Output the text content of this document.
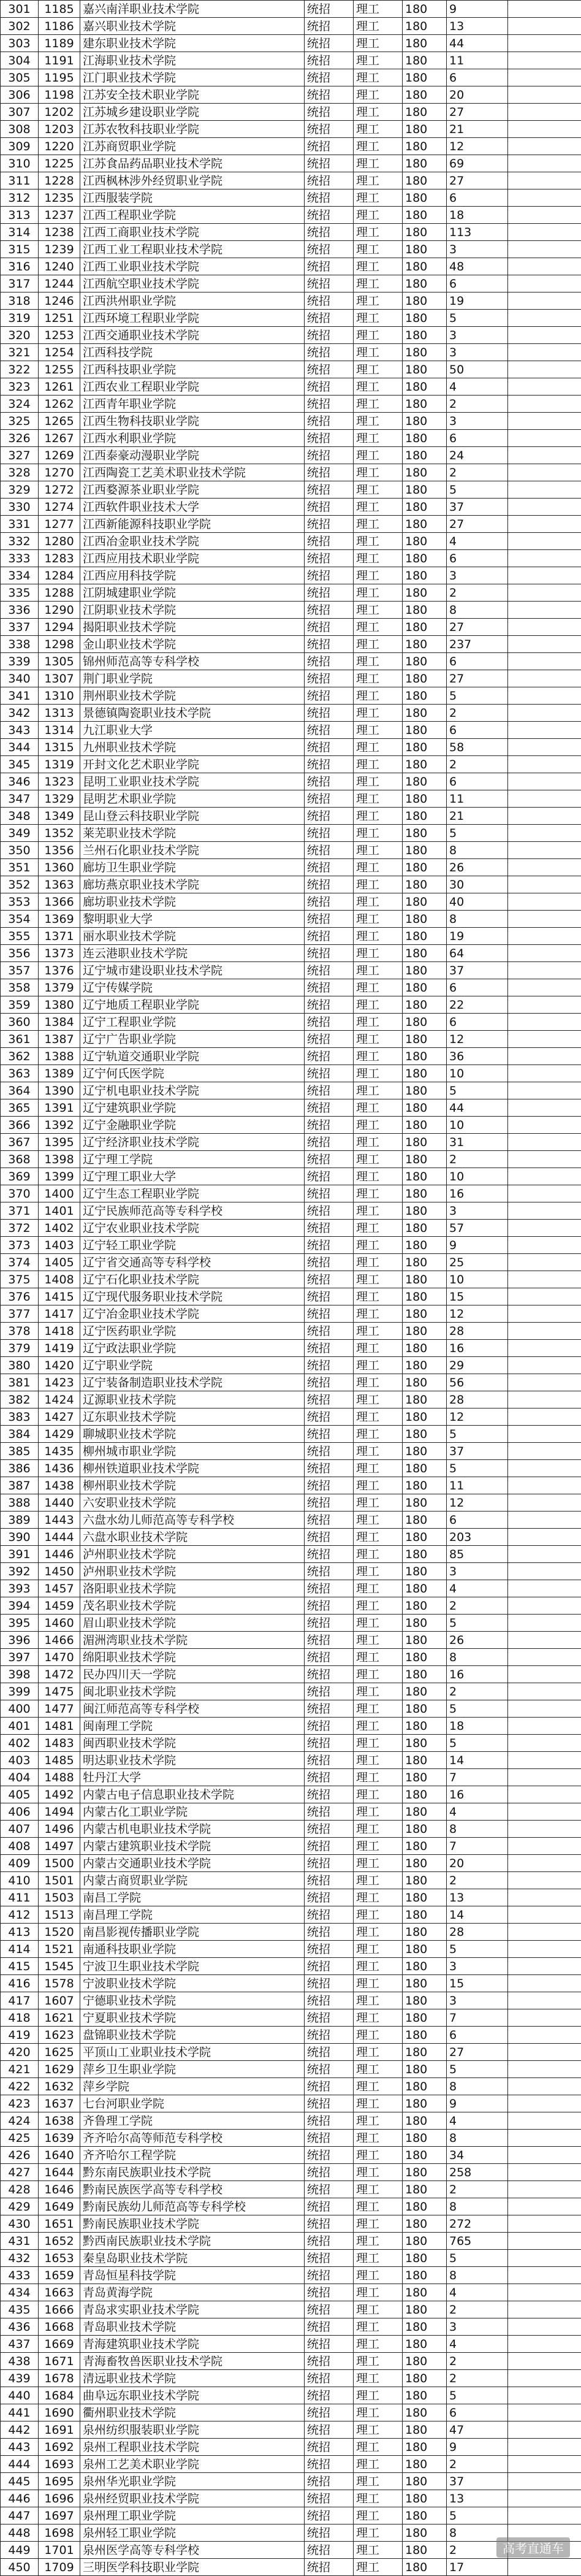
301	1185	嘉兴南洋职业技术学院	统招	理工	180	9	
302	1186	嘉兴职业技术学院	统招	理工	180	13	
303	1189	建东职业技术学院	统招	理工	180	44	
304	1191	江海职业技术学院	统招	理工	180	11	
305	1195	江门职业技术学院	统招	理工	180	6	
306	1198	江苏安全技术职业学院	统招	理工	180	20	
307	1202	江苏城乡建设职业学院	统招	理工	180	27	
308	1203	江苏农牧科技职业学院	统招	理工	180	21	
309	1220	江苏商贸职业学院	统招	理工	180	12	
310	1225	江苏食品药品职业技术学院	统招	理工	180	69	
311	1228	江西枫林涉外经贸职业学院	统招	理工	180	27	
312	1235	江西服装学院	统招	理工	180	6	
313	1237	江西工程职业学院	统招	理工	180	18	
314	1238	江西工商职业技术学院	统招	理工	180	113	
315	1239	江西工业工程职业技术学院	统招	理工	180	3	
316	1240	江西工业职业技术学院	统招	理工	180	48	
317	1244	江西航空职业技术学院	统招	理工	180	6	
318	1246	江西洪州职业学院	统招	理工	180	19	
319	1251	江西环境工程职业学院	统招	理工	180	5	
320	1253	江西交通职业技术学院	统招	理工	180	3	
321	1254	江西科技学院	统招	理工	180	3	
322	1255	江西科技职业学院	统招	理工	180	50	
323	1261	江西农业工程职业学院	统招	理工	180	4	
324	1262	江西青年职业学院	统招	理工	180	2	
325	1265	江西生物科技职业学院	统招	理工	180	3	
326	1267	江西水利职业学院	统招	理工	180	6	
327	1269	江西泰豪动漫职业学院	统招	理工	180	24	
328	1270	江西陶瓷工艺美术职业技术学院	统招	理工	180	2	
329	1272	江西婺源茶业职业学院	统招	理工	180	5	
330	1274	江西软件职业技术大学	统招	理工	180	37	
331	1277	江西新能源科技职业学院	统招	理工	180	27	
332	1280	江西冶金职业技术学院	统招	理工	180	4	
333	1283	江西应用技术职业学院	统招	理工	180	6	
334	1284	江西应用科技学院	统招	理工	180	3	
335	1288	江阴城建职业学院	统招	理工	180	2	
336	1290	江阴职业技术学院	统招	理工	180	8	
337	1294	揭阳职业技术学院	统招	理工	180	27	
338	1298	金山职业技术学院	统招	理工	180	237	
339	1305	锦州师范高等专科学校	统招	理工	180	6	
340	1307	荆门职业学院	统招	理工	180	27	
341	1310	荆州职业技术学院	统招	理工	180	5	
342	1313	景德镇陶瓷职业技术学院	统招	理工	180	2	
343	1314	九江职业大学	统招	理工	180	6	
344	1315	九州职业技术学院	统招	理工	180	58	
345	1319	开封文化艺术职业学院	统招	理工	180	2	
346	1323	昆明工业职业技术学院	统招	理工	180	6	
347	1329	昆明艺术职业学院	统招	理工	180	11	
348	1349	昆山登云科技职业学院	统招	理工	180	21	
349	1352	莱芜职业技术学院	统招	理工	180	5	
350	1356	兰州石化职业技术学院	统招	理工	180	8	
351	1360	廊坊卫生职业学院	统招	理工	180	26	
352	1363	廊坊燕京职业技术学院	统招	理工	180	30	
353	1366	廊坊职业技术学院	统招	理工	180	40	
354	1369	黎明职业大学	统招	理工	180	8	
355	1371	丽水职业技术学院	统招	理工	180	19	
356	1373	连云港职业技术学院	统招	理工	180	64	
357	1376	辽宁城市建设职业技术学院	统招	理工	180	37	
358	1379	辽宁传媒学院	统招	理工	180	6	
359	1380	辽宁地质工程职业学院	统招	理工	180	22	
360	1384	辽宁工程职业学院	统招	理工	180	6	
361	1387	辽宁广告职业学院	统招	理工	180	12	
362	1388	辽宁轨道交通职业学院	统招	理工	180	36	
363	1389	辽宁何氏医学院	统招	理工	180	10	
364	1390	辽宁机电职业技术学院	统招	理工	180	5	
365	1391	辽宁建筑职业学院	统招	理工	180	44	
366	1392	辽宁金融职业学院	统招	理工	180	10	
367	1395	辽宁经济职业技术学院	统招	理工	180	31	
368	1398	辽宁理工学院	统招	理工	180	2	
369	1399	辽宁理工职业大学	统招	理工	180	10	
370	1400	辽宁生态工程职业学院	统招	理工	180	16	
371	1401	辽宁民族师范高等专科学校	统招	理工	180	3	
372	1402	辽宁农业职业技术学院	统招	理工	180	57	
373	1403	辽宁轻工职业学院	统招	理工	180	9	
374	1405	辽宁省交通高等专科学校	统招	理工	180	25	
375	1408	辽宁石化职业技术学院	统招	理工	180	10	
376	1415	辽宁现代服务职业技术学院	统招	理工	180	15	
377	1417	辽宁冶金职业技术学院	统招	理工	180	12	
378	1418	辽宁医药职业学院	统招	理工	180	28	
379	1419	辽宁政法职业学院	统招	理工	180	16	
380	1420	辽宁职业学院	统招	理工	180	29	
381	1423	辽宁装备制造职业技术学院	统招	理工	180	56	
382	1424	辽源职业技术学院	统招	理工	180	28	
383	1427	辽东职业技术学院	统招	理工	180	12	
384	1429	聊城职业技术学院	统招	理工	180	5	
385	1435	柳州城市职业学院	统招	理工	180	37	
386	1436	柳州铁道职业技术学院	统招	理工	180	5	
387	1438	柳州职业技术学院	统招	理工	180	11	
388	1440	六安职业技术学院	统招	理工	180	12	
389	1443	六盘水幼儿师范高等专科学校	统招	理工	180	6	
390	1444	六盘水职业技术学院	统招	理工	180	203	
391	1446	泸州职业技术学院	统招	理工	180	85	
392	1450	泸州职业技术学院	统招	理工	180	3	
393	1457	洛阳职业技术学院	统招	理工	180	4	
394	1459	茂名职业技术学院	统招	理工	180	2	
395	1460	眉山职业技术学院	统招	理工	180	5	
396	1466	湄洲湾职业技术学院	统招	理工	180	26	
397	1470	绵阳职业技术学院	统招	理工	180	8	
398	1472	民办四川天一学院	统招	理工	180	16	
399	1475	闽北职业技术学院	统招	理工	180	2	
400	1477	闽江师范高等专科学校	统招	理工	180	5	
401	1481	闽南理工学院	统招	理工	180	18	
402	1483	闽西职业技术学院	统招	理工	180	5	
403	1485	明达职业技术学院	统招	理工	180	14	
404	1488	牡丹江大学	统招	理工	180	7	
405	1492	内蒙古电子信息职业技术学院	统招	理工	180	16	
406	1494	内蒙古化工职业学院	统招	理工	180	4	
407	1496	内蒙古机电职业技术学院	统招	理工	180	8	
408	1497	内蒙古建筑职业技术学院	统招	理工	180	7	
409	1500	内蒙古交通职业技术学院	统招	理工	180	20	
410	1501	内蒙古商贸职业学院	统招	理工	180	2	
411	1503	南昌工学院	统招	理工	180	13	
412	1513	南昌理工学院	统招	理工	180	14	
413	1520	南昌影视传播职业学院	统招	理工	180	28	
414	1521	南通科技职业学院	统招	理工	180	5	
415	1545	宁波卫生职业技术学院	统招	理工	180	3	
416	1578	宁波职业技术学院	统招	理工	180	15	
417	1607	宁德职业技术学院	统招	理工	180	3	
418	1621	宁夏职业技术学院	统招	理工	180	7	
419	1623	盘锦职业技术学院	统招	理工	180	6	
420	1625	平顶山工业职业技术学院	统招	理工	180	27	
421	1629	萍乡卫生职业学院	统招	理工	180	5	
422	1632	萍乡学院	统招	理工	180	8	
423	1637	七台河职业学院	统招	理工	180	9	
424	1638	齐鲁理工学院	统招	理工	180	4	
425	1639	齐齐哈尔高等师范专科学校	统招	理工	180	8	
426	1640	齐齐哈尔工程学院	统招	理工	180	34	
427	1644	黔东南民族职业技术学院	统招	理工	180	258	
428	1646	黔南民族医学高等专科学校	统招	理工	180	2	
429	1649	黔南民族幼儿师范高等专科学校	统招	理工	180	8	
430	1651	黔南民族职业技术学院	统招	理工	180	272	
431	1652	黔西南民族职业技术学院	统招	理工	180	765	
432	1653	秦皇岛职业技术学院	统招	理工	180	5	
433	1659	青岛恒星科技学院	统招	理工	180	8	
434	1663	青岛黄海学院	统招	理工	180	4	
435	1666	青岛求实职业技术学院	统招	理工	180	2	
436	1668	青岛职业技术学院	统招	理工	180	3	
437	1669	青海建筑职业技术学院	统招	理工	180	4	
438	1671	青海畜牧兽医职业技术学院	统招	理工	180	2	
439	1678	清远职业技术学院	统招	理工	180	2	
440	1684	曲阜远东职业技术学院	统招	理工	180	5	
441	1690	衢州职业技术学院	统招	理工	180	6	
442	1691	泉州纺织服装职业学院	统招	理工	180	47	
443	1692	泉州工程职业技术学院	统招	理工	180	9	
444	1693	泉州工艺美术职业学院	统招	理工	180	2	
445	1695	泉州华光职业学院	统招	理工	180	37	
446	1696	泉州经贸职业技术学院	统招	理工	180	13	
447	1697	泉州理工职业学院	统招	理工	180	5	
448	1698	泉州轻工职业学院	统招	理工	180	8	
449	1701	泉州医学高等专科学校	统招	理工	180	2	
450	1709	三明医学科技职业学院	统招	理工	180	17	
高考直通车
